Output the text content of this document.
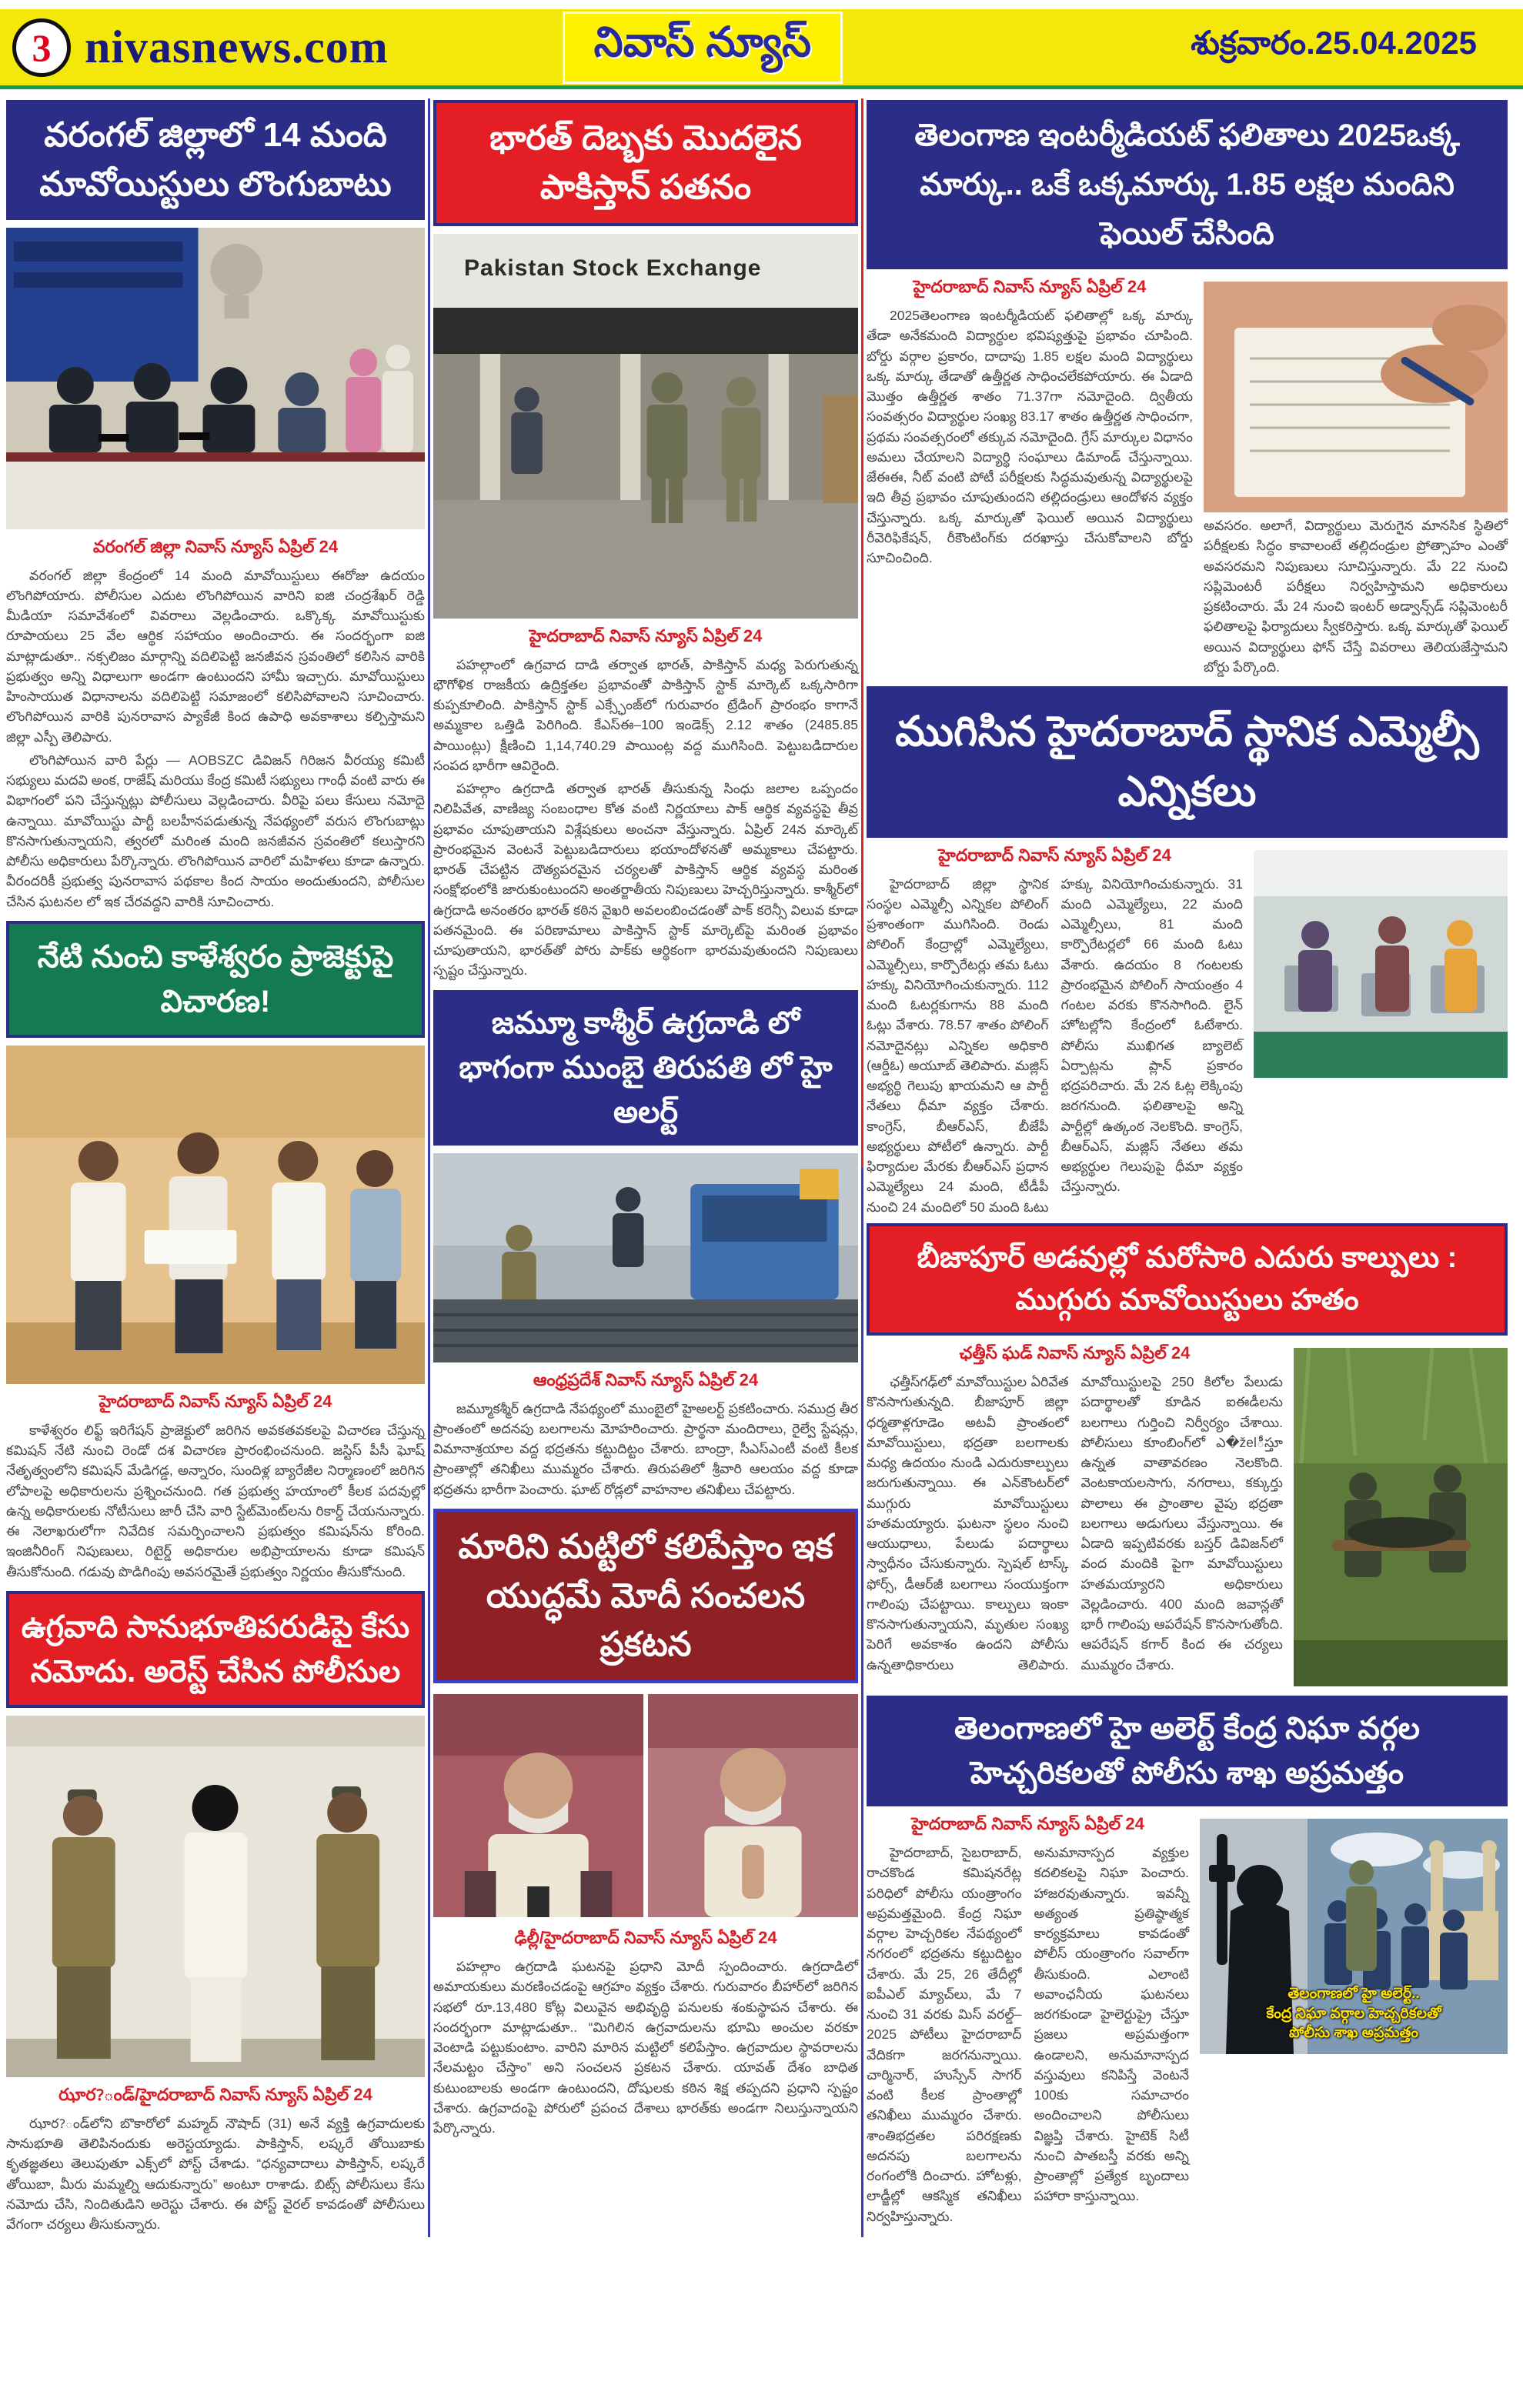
3 nivasnews.com	నివాస్ న్యూస్	శుక్రవారం.25.04.2025
వరంగల్ జిల్లాలో 14 మంది మావోయిస్టులు లొంగుబాటు
వరంగల్ జిల్లా నివాస్ న్యూస్ ఏప్రిల్ 24

వరంగల్ జిల్లా కేంద్రంలో 14 మంది మావోయిస్టులు ఈరోజు ఉదయం లొంగిపోయారు. పోలీసుల ఎదుట లొంగిపోయిన వారిని ఐజి చంద్రశేఖర్ రెడ్డి మీడియా సమావేశంలో వివరాలు వెల్లడించారు. ఒక్కొక్క మావోయిస్టుకు రూపాయలు 25 వేల ఆర్థిక సహాయం అందించారు. ఈ సందర్భంగా ఐజి మాట్లాడుతూ.. నక్సలిజం మార్గాన్ని వదిలిపెట్టి జనజీవన స్రవంతిలో కలిసిన వారికి ప్రభుత్వం అన్ని విధాలుగా అండగా ఉంటుందని హామీ ఇచ్చారు. మావోయిస్టులు హింసాయుత విధానాలను వదిలిపెట్టి సమాజంలో కలిసిపోవాలని సూచించారు. లొంగిపోయిన వారికి పునరావాస ప్యాకేజీ కింద ఉపాధి అవకాశాలు కల్పిస్తామని జిల్లా ఎస్పీ తెలిపారు.

లొంగిపోయిన వారి పేర్లు — AOBSZC డివిజన్ గిరిజన వీరయ్య కమిటీ సభ్యులు మదవి అంక, రాజేష్ మరియు కేంద్ర కమిటీ సభ్యులు గాంధీ వంటి వారు ఈ విభాగంలో పని చేస్తున్నట్లు పోలీసులు వెల్లడించారు. వీరిపై పలు కేసులు నమోదై ఉన్నాయి. మావోయిస్టు పార్టీ బలహీనపడుతున్న నేపథ్యంలో వరుస లొంగుబాట్లు కొనసాగుతున్నాయని, త్వరలో మరింత మంది జనజీవన స్రవంతిలో కలుస్తారని పోలీసు అధికారులు పేర్కొన్నారు. లొంగిపోయిన వారిలో మహిళలు కూడా ఉన్నారు. వీరందరికీ ప్రభుత్వ పునరావాస పథకాల కింద సాయం అందుతుందని, పోలీసుల చేసిన ఘటనల లో ఇక చేరవద్దని వారికి సూచించారు.

నేటి నుంచి కాళేశ్వరం ప్రాజెక్టుపై విచారణ!
హైదరాబాద్ నివాస్ న్యూస్ ఏప్రిల్ 24

కాళేశ్వరం లిఫ్ట్ ఇరిగేషన్ ప్రాజెక్టులో జరిగిన అవకతవకలపై విచారణ చేస్తున్న కమిషన్ నేటి నుంచి రెండో దశ విచారణ ప్రారంభించనుంది. జస్టిస్ పీసీ ఘోష్ నేతృత్వంలోని కమిషన్ మేడిగడ్డ, అన్నారం, సుందిళ్ల బ్యారేజీల నిర్మాణంలో జరిగిన లోపాలపై అధికారులను ప్రశ్నించనుంది. గత ప్రభుత్వ హయాంలో కీలక పదవుల్లో ఉన్న అధికారులకు నోటీసులు జారీ చేసి వారి స్టేట్‌మెంట్‌లను రికార్డ్ చేయనున్నారు. ఈ నెలాఖరులోగా నివేదిక సమర్పించాలని ప్రభుత్వం కమిషన్‌ను కోరింది. ఇంజినీరింగ్ నిపుణులు, రిటైర్డ్ అధికారుల అభిప్రాయాలను కూడా కమిషన్ తీసుకోనుంది. గడువు పొడిగింపు అవసరమైతే ప్రభుత్వం నిర్ణయం తీసుకోనుంది.

ఉగ్రవాది సానుభూతిపరుడిపై కేసు నమోదు. అరెస్ట్ చేసిన పోలీసుల
ఝార?ండ్/హైదరాబాద్ నివాస్ న్యూస్ ఏప్రిల్ 24

ఝార?ండ్‌లోని బొకారోలో మహ్మద్ నౌషాద్ (31) అనే వ్యక్తి ఉగ్రవాదులకు సానుభూతి తెలిపినందుకు అరెస్టయ్యాడు. పాకిస్తాన్, లష్కరే తోయిబాకు కృతజ్ఞతలు తెలుపుతూ ఎక్స్‌లో పోస్ట్ చేశాడు. “ధన్యవాదాలు పాకిస్తాన్, లష్కరే తోయిబా, మీరు మమ్మల్ని ఆదుకున్నారు” అంటూ రాశాడు. బిట్స్ పోలీసులు కేసు నమోదు చేసి, నిందితుడిని అరెస్టు చేశారు. ఈ పోస్ట్ వైరల్ కావడంతో పోలీసులు వేగంగా చర్యలు తీసుకున్నారు.

భారత్ దెబ్బకు మొదలైన పాకిస్తాన్ పతనం
Pakistan Stock Exchange
హైదరాబాద్ నివాస్ న్యూస్ ఏప్రిల్ 24

పహల్గాంలో ఉగ్రవాద దాడి తర్వాత భారత్, పాకిస్తాన్ మధ్య పెరుగుతున్న భౌగోళిక రాజకీయ ఉద్రిక్తతల ప్రభావంతో పాకిస్తాన్ స్టాక్ మార్కెట్ ఒక్కసారిగా కుప్పకూలింది. పాకిస్తాన్ స్టాక్ ఎక్స్ఛేంజ్‌లో గురువారం ట్రేడింగ్ ప్రారంభం కాగానే అమ్మకాల ఒత్తిడి పెరిగింది. కేఎస్‌ఈ–100 ఇండెక్స్ 2.12 శాతం (2485.85 పాయింట్లు) క్షీణించి 1,14,740.29 పాయింట్ల వద్ద ముగిసింది. పెట్టుబడిదారుల సంపద భారీగా ఆవిరైంది.

పహల్గాం ఉగ్రదాడి తర్వాత భారత్ తీసుకున్న సింధు జలాల ఒప్పందం నిలిపివేత, వాణిజ్య సంబంధాల కోత వంటి నిర్ణయాలు పాక్ ఆర్థిక వ్యవస్థపై తీవ్ర ప్రభావం చూపుతాయని విశ్లేషకులు అంచనా వేస్తున్నారు. ఏప్రిల్ 24న మార్కెట్ ప్రారంభమైన వెంటనే పెట్టుబడిదారులు భయాందోళనతో అమ్మకాలు చేపట్టారు. భారత్ చేపట్టిన దౌత్యపరమైన చర్యలతో పాకిస్తాన్ ఆర్థిక వ్యవస్థ మరింత సంక్షోభంలోకి జారుకుంటుందని అంతర్జాతీయ నిపుణులు హెచ్చరిస్తున్నారు. కాశ్మీర్‌లో ఉగ్రదాడి అనంతరం భారత్ కఠిన వైఖరి అవలంబించడంతో పాక్ కరెన్సీ విలువ కూడా పతనమైంది. ఈ పరిణామాలు పాకిస్తాన్ స్టాక్ మార్కెట్‌పై మరింత ప్రభావం చూపుతాయని, భారత్‌తో పోరు పాక్‌కు ఆర్థికంగా భారమవుతుందని నిపుణులు స్పష్టం చేస్తున్నారు.

జమ్మూ కాశ్మీర్ ఉగ్రదాడి లో భాగంగా ముంబై తిరుపతి లో హై అలర్ట్
ఆంధ్రప్రదేశ్ నివాస్ న్యూస్ ఏప్రిల్ 24

జమ్మూకశ్మీర్ ఉగ్రదాడి నేపథ్యంలో ముంబైలో హైఅలర్ట్ ప్రకటించారు. సముద్ర తీర ప్రాంతంలో అదనపు బలగాలను మోహరించారు. ప్రార్థనా మందిరాలు, రైల్వే స్టేషన్లు, విమానాశ్రయాల వద్ద భద్రతను కట్టుదిట్టం చేశారు. బాంద్రా, సీఎస్‌ఎంటీ వంటి కీలక ప్రాంతాల్లో తనిఖీలు ముమ్మరం చేశారు. తిరుపతిలో శ్రీవారి ఆలయం వద్ద కూడా భద్రతను భారీగా పెంచారు. ఘాట్ రోడ్లలో వాహనాల తనిఖీలు చేపట్టారు.

మారిని మట్టిలో కలిపేస్తాం ఇక యుద్ధమే మోదీ సంచలన ప్రకటన
ఢిల్లీ/హైదరాబాద్ నివాస్ న్యూస్ ఏప్రిల్ 24

పహల్గాం ఉగ్రదాడి ఘటనపై ప్రధాని మోదీ స్పందించారు. ఉగ్రదాడిలో అమాయకులు మరణించడంపై ఆగ్రహం వ్యక్తం చేశారు. గురువారం బీహార్‌లో జరిగిన సభలో రూ.13,480 కోట్ల విలువైన అభివృద్ధి పనులకు శంకుస్థాపన చేశారు. ఈ సందర్భంగా మాట్లాడుతూ.. “మిగిలిన ఉగ్రవాదులను భూమి అంచుల వరకూ వెంటాడి పట్టుకుంటాం. వారిని మారిన మట్టిలో కలిపేస్తాం. ఉగ్రవాదుల స్థావరాలను నేలమట్టం చేస్తాం” అని సంచలన ప్రకటన చేశారు. యావత్ దేశం బాధిత కుటుంబాలకు అండగా ఉంటుందని, దోషులకు కఠిన శిక్ష తప్పదని ప్రధాని స్పష్టం చేశారు. ఉగ్రవాదంపై పోరులో ప్రపంచ దేశాలు భారత్‌కు అండగా నిలుస్తున్నాయని పేర్కొన్నారు.

తెలంగాణ ఇంటర్మీడియట్ ఫలితాలు 2025ఒక్క మార్కు.. ఒకే ఒక్కమార్కు 1.85 లక్షల మందిని ఫెయిల్ చేసింది
హైదరాబాద్ నివాస్ న్యూస్ ఏప్రిల్ 24

2025తెలంగాణ ఇంటర్మీడియట్ ఫలితాల్లో ఒక్క మార్కు తేడా అనేకమంది విద్యార్థుల భవిష్యత్తుపై ప్రభావం చూపింది. బోర్డు వర్గాల ప్రకారం, దాదాపు 1.85 లక్షల మంది విద్యార్థులు ఒక్క మార్కు తేడాతో ఉత్తీర్ణత సాధించలేకపోయారు. ఈ ఏడాది మొత్తం ఉత్తీర్ణత శాతం 71.37గా నమోదైంది. ద్వితీయ సంవత్సరం విద్యార్థుల సంఖ్య 83.17 శాతం ఉత్తీర్ణత సాధించగా, ప్రథమ సంవత్సరంలో తక్కువ నమోదైంది. గ్రేస్ మార్కుల విధానం అమలు చేయాలని విద్యార్థి సంఘాలు డిమాండ్ చేస్తున్నాయి. జేఈఈ, నీట్ వంటి పోటీ పరీక్షలకు సిద్ధమవుతున్న విద్యార్థులపై ఇది తీవ్ర ప్రభావం చూపుతుందని తల్లిదండ్రులు ఆందోళన వ్యక్తం చేస్తున్నారు. ఒక్క మార్కుతో ఫెయిల్ అయిన విద్యార్థులు రీవెరిఫికేషన్, రీకౌంటింగ్‌కు దరఖాస్తు చేసుకోవాలని బోర్డు సూచించింది.

అవసరం. అలాగే, విద్యార్థులు మెరుగైన మానసిక స్థితిలో పరీక్షలకు సిద్ధం కావాలంటే తల్లిదండ్రుల ప్రోత్సాహం ఎంతో అవసరమని నిపుణులు సూచిస్తున్నారు. మే 22 నుంచి సప్లిమెంటరీ పరీక్షలు నిర్వహిస్తామని అధికారులు ప్రకటించారు. మే 24 నుంచి ఇంటర్ అడ్వాన్స్‌డ్ సప్లిమెంటరీ ఫలితాలపై ఫిర్యాదులు స్వీకరిస్తారు. ఒక్క మార్కుతో ఫెయిల్ అయిన విద్యార్థులు ఫోన్ చేస్తే వివరాలు తెలియజేస్తామని బోర్డు పేర్కొంది.

ముగిసిన హైదరాబాద్ స్థానిక ఎమ్మెల్సీ ఎన్నికలు
హైదరాబాద్ నివాస్ న్యూస్ ఏప్రిల్ 24

హైదరాబాద్ జిల్లా స్థానిక సంస్థల ఎమ్మెల్సీ ఎన్నికల పోలింగ్ ప్రశాంతంగా ముగిసింది. రెండు పోలింగ్ కేంద్రాల్లో ఎమ్మెల్యేలు, ఎమ్మెల్సీలు, కార్పొరేటర్లు తమ ఓటు హక్కు వినియోగించుకున్నారు. 112 మంది ఓటర్లకుగాను 88 మంది ఓట్లు వేశారు. 78.57 శాతం పోలింగ్ నమోదైనట్లు ఎన్నికల అధికారి (ఆర్డీఓ) అయూబ్ తెలిపారు. మజ్లిస్ అభ్యర్థి గెలుపు ఖాయమని ఆ పార్టీ నేతలు ధీమా వ్యక్తం చేశారు. కాంగ్రెస్, బీఆర్ఎస్, బీజేపీ అభ్యర్థులు పోటీలో ఉన్నారు. పార్టీ ఫిర్యాదుల మేరకు బీఆర్ఎస్ ప్రధాన ఎమ్మెల్యేలు 24 మంది, టీడీపీ నుంచి 24 మందిలో 50 మంది ఓటు హక్కు వినియోగించుకున్నారు. 31 మంది ఎమ్మెల్యేలు, 22 మంది ఎమ్మెల్సీలు, 81 మంది కార్పొరేటర్లలో 66 మంది ఓటు వేశారు. ఉదయం 8 గంటలకు ప్రారంభమైన పోలింగ్ సాయంత్రం 4 గంటల వరకు కొనసాగింది. లైన్ హోటల్లోని కేంద్రంలో ఓటేశారు. పోలీసు ముఖిగత బ్యాలెట్ ఏర్పాట్లను ప్లాన్ ప్రకారం భద్రపరిచారు. మే 2న ఓట్ల లెక్కింపు జరగనుంది. ఫలితాలపై అన్ని పార్టీల్లో ఉత్కంఠ నెలకొంది. కాంగ్రెస్, బీఆర్ఎస్, మజ్లిస్ నేతలు తమ అభ్యర్థుల గెలుపుపై ధీమా వ్యక్తం చేస్తున్నారు.

బీజాపూర్ అడవుల్లో మరోసారి ఎదురు కాల్పులు : ముగ్గురు మావోయిస్టులు హతం
ఛత్తీస్ ఘడ్ నివాస్ న్యూస్ ఏప్రిల్ 24

ఛత్తీస్‌గఢ్‌లో మావోయిస్టుల ఏరివేత కొనసాగుతున్నది. బీజాపూర్ జిల్లా ధర్మతాళ్లగూడెం అటవీ ప్రాంతంలో మావోయిస్టులు, భద్రతా బలగాలకు మధ్య ఉదయం నుండి ఎదురుకాల్పులు జరుగుతున్నాయి. ఈ ఎన్‌కౌంటర్‌లో ముగ్గురు మావోయిస్టులు హతమయ్యారు. ఘటనా స్థలం నుంచి ఆయుధాలు, పేలుడు పదార్థాలు స్వాధీనం చేసుకున్నారు. స్పెషల్ టాస్క్ ఫోర్స్, డీఆర్‌జీ బలగాలు సంయుక్తంగా గాలింపు చేపట్టాయి. కాల్పులు ఇంకా కొనసాగుతున్నాయని, మృతుల సంఖ్య పెరిగే అవకాశం ఉందని పోలీసు ఉన్నతాధికారులు తెలిపారు. మావోయిస్టులపై 250 కిలోల పేలుడు పదార్థాలతో కూడిన ఐఈడీలను బలగాలు గుర్తించి నిర్వీర్యం చేశాయి. పోలీసులు కూంబింగ్‌లో ఎ�želీస్తూ ఉన్నత వాతావరణం నెలకొంది. వెంటకాయలసాగు, నగరాలు, కక్కుర్తు పొలాలు ఈ ప్రాంతాల వైపు భద్రతా బలగాలు అడుగులు వేస్తున్నాయి. ఈ ఏడాది ఇప్పటివరకు బస్తర్ డివిజన్‌లో వంద మందికి పైగా మావోయిస్టులు హతమయ్యారని అధికారులు వెల్లడించారు. 400 మంది జవాన్లతో భారీ గాలింపు ఆపరేషన్ కొనసాగుతోంది. ఆపరేషన్ కగార్ కింద ఈ చర్యలు ముమ్మరం చేశారు.

తెలంగాణలో హై అలెర్ట్ కేంద్ర నిఘా వర్గల హెచ్చరికలతో పోలీసు శాఖ అప్రమత్తం
హైదరాబాద్ నివాస్ న్యూస్ ఏప్రిల్ 24

హైదరాబాద్, సైబరాబాద్, రాచకొండ కమిషనరేట్ల పరిధిలో పోలీసు యంత్రాంగం అప్రమత్తమైంది. కేంద్ర నిఘా వర్గాల హెచ్చరికల నేపథ్యంలో నగరంలో భద్రతను కట్టుదిట్టం చేశారు. మే 25, 26 తేదీల్లో ఐపీఎల్ మ్యాచ్‌లు, మే 7 నుంచి 31 వరకు మిస్ వరల్డ్–2025 పోటీలు హైదరాబాద్ వేదికగా జరగనున్నాయి. చార్మినార్, హుస్సేన్ సాగర్ వంటి కీలక ప్రాంతాల్లో తనిఖీలు ముమ్మరం చేశారు. శాంతిభద్రతల పరిరక్షణకు అదనపు బలగాలను రంగంలోకి దించారు. హోటళ్లు, లాడ్జీల్లో ఆకస్మిక తనిఖీలు నిర్వహిస్తున్నారు. అనుమానాస్పద వ్యక్తుల కదలికలపై నిఘా పెంచారు. హాజరవుతున్నారు. ఇవన్నీ అత్యంత ప్రతిష్ఠాత్మక కార్యక్రమాలు కావడంతో పోలీస్ యంత్రాంగం సవాల్‌గా తీసుకుంది. ఎలాంటి అవాంఛనీయ ఘటనలు జరగకుండా హైలెర్టుప్రై చేస్తూ ప్రజలు అప్రమత్తంగా ఉండాలని, అనుమానాస్పద వస్తువులు కనిపిస్తే వెంటనే 100కు సమాచారం అందించాలని పోలీసులు విజ్ఞప్తి చేశారు. హైటెక్ సిటీ నుంచి పాతబస్తీ వరకు అన్ని ప్రాంతాల్లో ప్రత్యేక బృందాలు పహారా కాస్తున్నాయి.

తెలంగాణలో హై అలెర్ట్..
కేంద్ర నిఘా వర్గాల హెచ్చరికలతో
పోలీసు శాఖ అప్రమత్తం
